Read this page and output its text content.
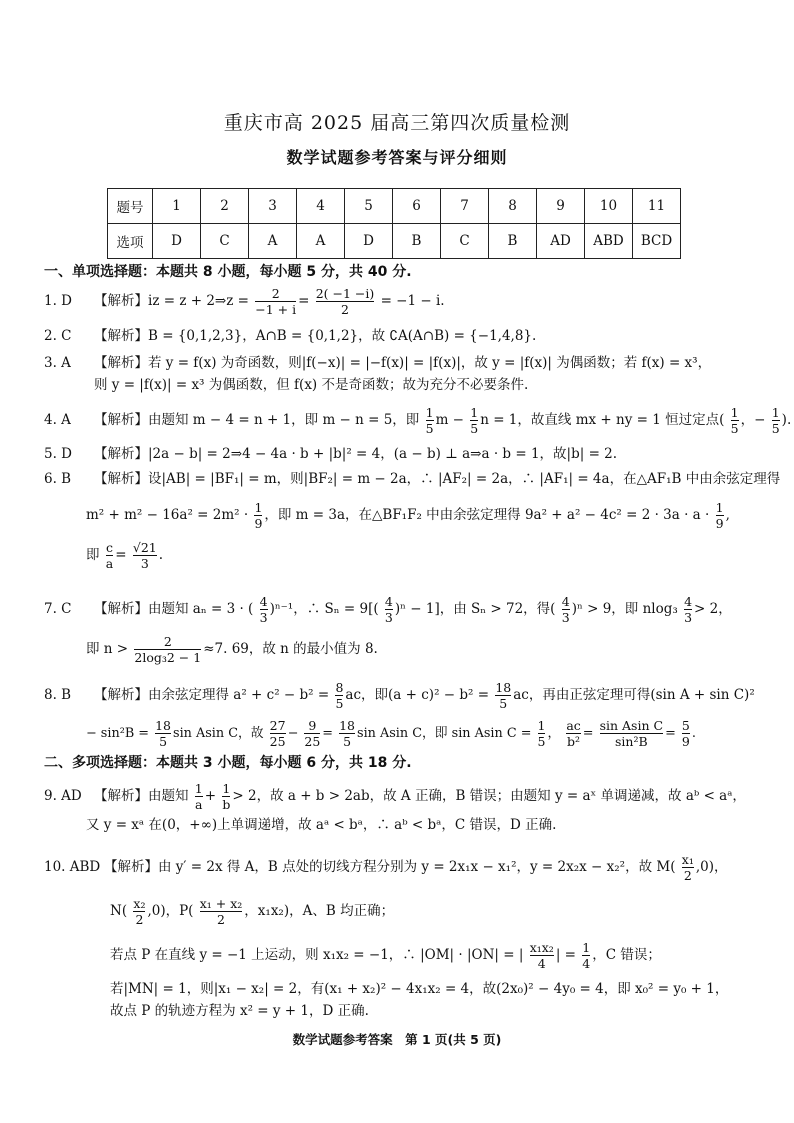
重庆市高 2025 届高三第四次质量检测
数学试题参考答案与评分细则
题号	1	2	3	4	5	6	7	8	9	10	11
选项	D	C	A	A	D	B	C	B	AD	ABD	BCD
一、单项选择题：本题共 8 小题，每小题 5 分，共 40 分.
1. D 【解析】iz = z + 2⇒z = $\frac{2}{-1 + i} = \frac{2( -1 -i)}{2} = -1 - i$.
2. C 【解析】B = {0,1,2,3}，A∩B = {0,1,2}，故 ∁A(A∩B) = {−1,4,8}.
3. A 【解析】若 y = f(x) 为奇函数，则|f(−x)| = |−f(x)| = |f(x)|，故 y = |f(x)| 为偶函数；若 f(x) = x³，
则 y = |f(x)| = x³ 为偶函数，但 f(x) 不是奇函数；故为充分不必要条件.
4. A 【解析】由题知 m − 4 = n + 1，即 m − n = 5，即 $\frac{1}{5}$ $m - \frac{1}{5}$ n = 1，故直线 mx + ny = 1 恒过定点( $\frac{1}{5}$ ，− $\frac{1}{5}$ ).
5. D 【解析】|2a − b| = 2⇒4 − 4a · b + |b|² = 4，(a − b) ⊥ a⇒a · b = 1，故|b| = 2.
6. B 【解析】设|AB| = |BF₁| = m，则|BF₂| = m − 2a，∴ |AF₂| = 2a，∴ |AF₁| = 4a，在△AF₁B 中由余弦定理得
$m^2 + m^2 - 16a^2 = 2m^2 \cdot \frac{1}{9}$ ，即 m = 3a，在△BF₁F₂ 中由余弦定理得 $9a^2 + a^2 - 4c^2 = 2 \cdot 3a \cdot a \cdot \frac{1}{9}$ ,
即 $\frac{c}{a} = \frac{√21}{3}$ .
7. C 【解析】由题知 aₙ = 3 · ( $\frac{4}{3} )^{n-1}$，∴ $S_n = 9[( \frac{4}{3} )^n - 1]$，由 Sₙ > 72，得( $\frac{4}{3} )^n > 9$，即 $nlog_3 \frac{4}{3} > 2$，
即 $n > \frac{2}{\text{2log₃2 − 1}} \approx 7$. 69，故 n 的最小值为 8.
8. B 【解析】由余弦定理得 $a^2 + c^2 - b^2 = \frac{8}{5}$ ac，即$(a + c)^2 - b^2 = \frac{18}{5}$ ac，再由正弦定理可得(sin A + sin C)²
− $\sin^2B = \frac{18}{5}$ sin Asin C，故 $\frac{27}{25} - \frac{9}{25} = \frac{18}{5}$ sin Asin C，即 sin Asin $C = \frac{1}{5}$ ， $\frac{ac}{\text{b²}} = \frac{\text{sin Asin C}}{\text{sin²B}} = \frac{5}{9}$ .
二、多项选择题：本题共 3 小题，每小题 6 分，共 18 分.
9. AD 【解析】由题知 $\frac{1}{a} + \frac{1}{b} > 2$，故 a + b > 2ab，故 A 正确，B 错误；由题知 y = aˣ 单调递减，故 aᵇ < aᵃ，
又 y = xᵃ 在(0，+∞)上单调递增，故 aᵃ < bᵃ，∴ aᵇ < bᵃ，C 错误，D 正确.
10. ABD 【解析】由 y′ = 2x 得 A，B 点处的切线方程分别为 y = 2x₁x − x₁²，y = 2x₂x − x₂²，故 $M( \frac{\text{x₁}}{2} ,0)$，
$N( \frac{\text{x₂}}{2} ,0)$，$P( \frac{\text{x₁ + x₂}}{2}$ ，x₁x₂)，A、B 均正确；
若点 P 在直线 y = −1 上运动，则 x₁x₂ = −1，∴ |OM| · |ON| = | $\frac{\text{x₁x₂}}{4}$ | = $\frac{1}{4}$ ，C 错误；
若|MN| = 1，则|x₁ − x₂| = 2，有(x₁ + x₂)² − 4x₁x₂ = 4，故(2x₀)² − 4y₀ = 4，即 x₀² = y₀ + 1，
故点 P 的轨迹方程为 x² = y + 1，D 正确.
数学试题参考答案　第 1 页(共 5 页)
